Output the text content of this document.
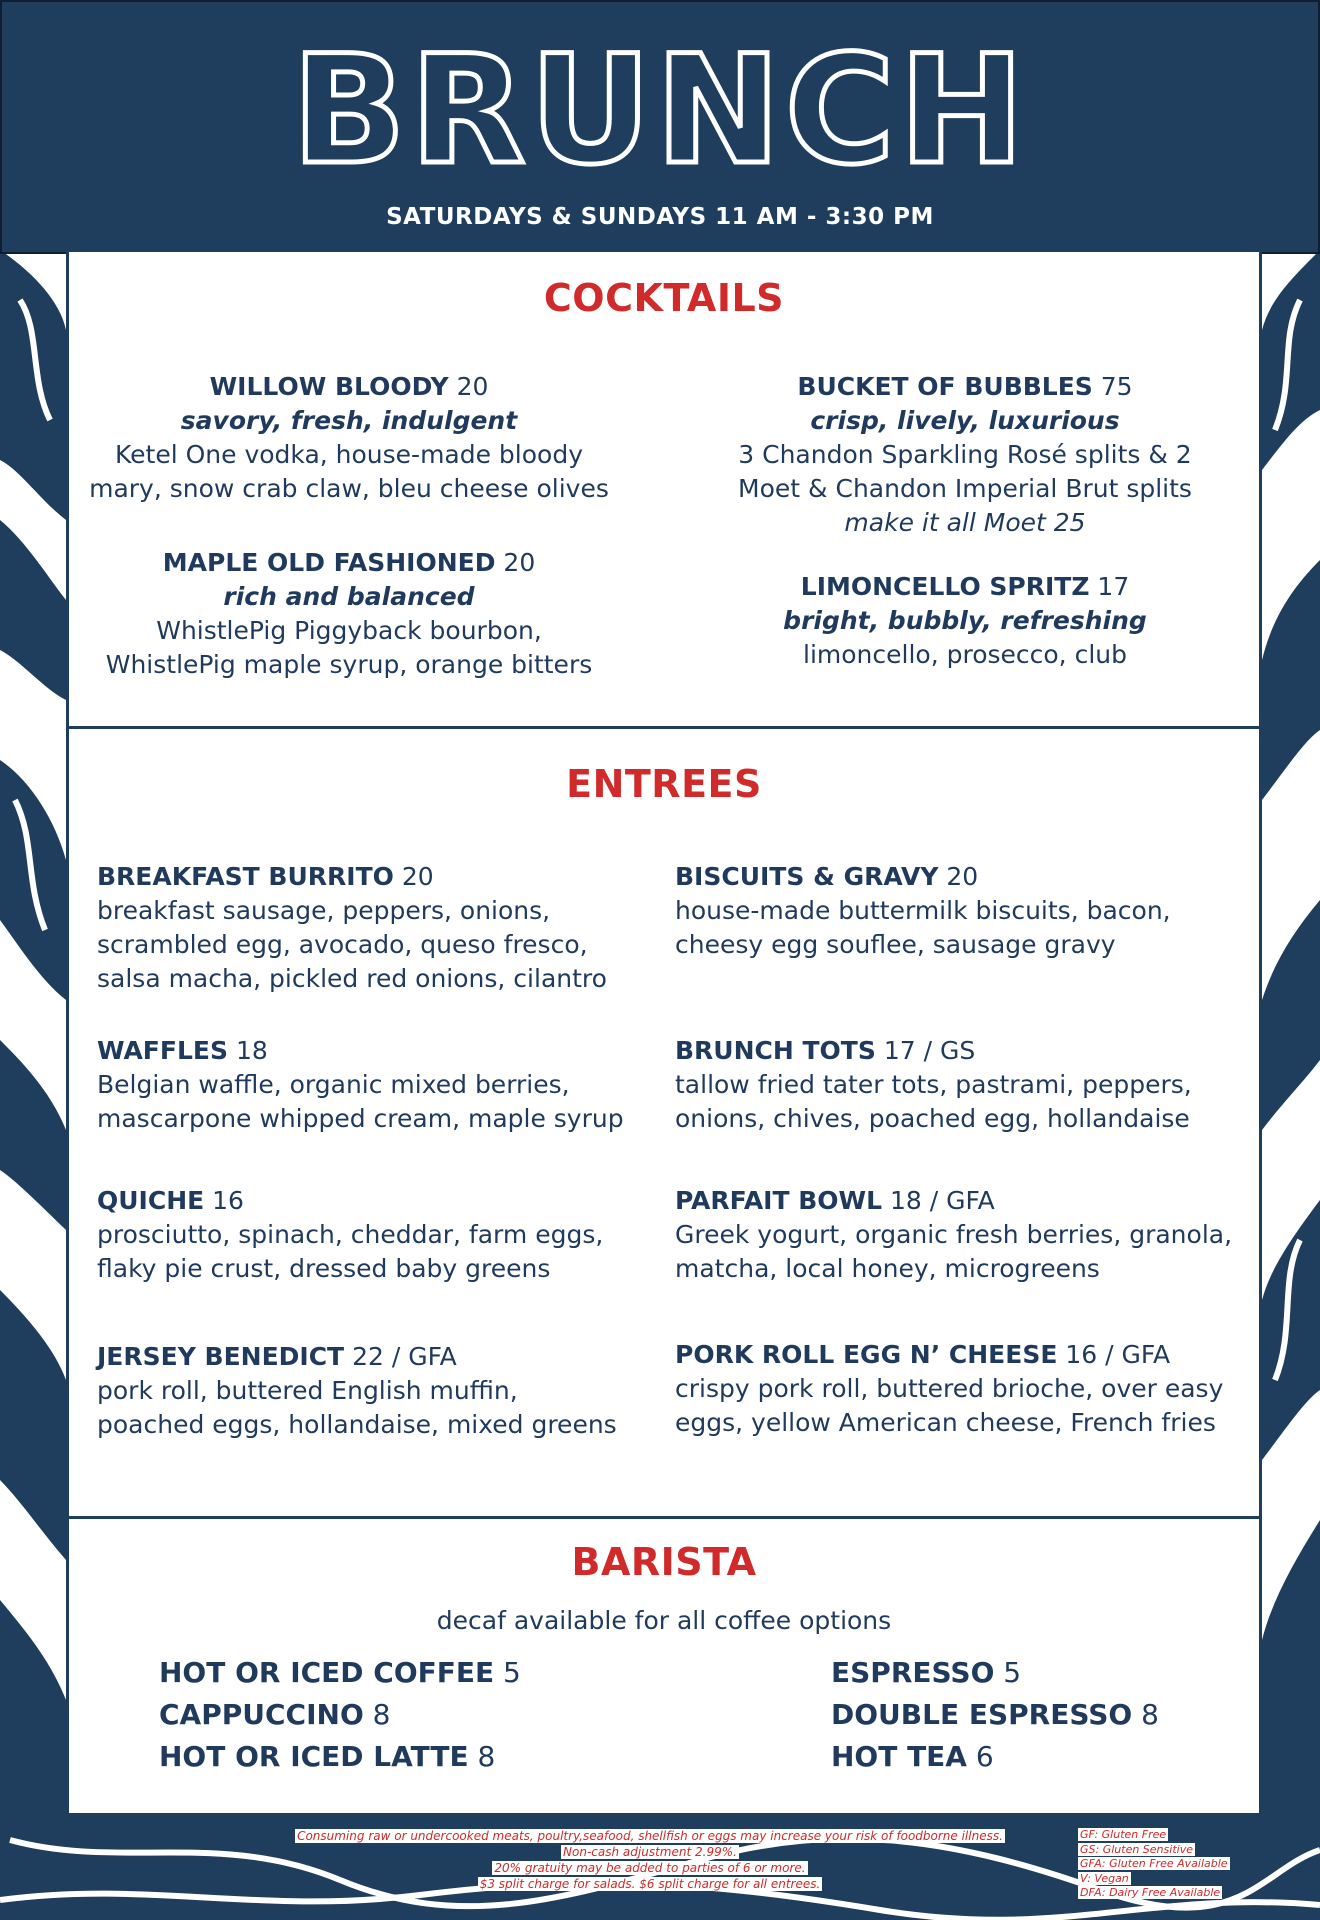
BRUNCH
SATURDAYS & SUNDAYS 11 AM - 3:30 PM
COCKTAILS
WILLOW BLOODY 20
savory, fresh, indulgent
Ketel One vodka, house-made bloody mary, snow crab claw, bleu cheese olives
MAPLE OLD FASHIONED 20
rich and balanced
WhistlePig Piggyback bourbon, WhistlePig maple syrup, orange bitters
BUCKET OF BUBBLES 75
crisp, lively, luxurious
3 Chandon Sparkling Rosé splits & 2 Moet & Chandon Imperial Brut splits
make it all Moet 25
LIMONCELLO SPRITZ 17
bright, bubbly, refreshing
limoncello, prosecco, club
ENTREES
BREAKFAST BURRITO 20
breakfast sausage, peppers, onions, scrambled egg, avocado, queso fresco, salsa macha, pickled red onions, cilantro
WAFFLES 18
Belgian waffle, organic mixed berries, mascarpone whipped cream, maple syrup
QUICHE 16
prosciutto, spinach, cheddar, farm eggs, flaky pie crust, dressed baby greens
JERSEY BENEDICT 22 / GFA
pork roll, buttered English muffin, poached eggs, hollandaise, mixed greens
BISCUITS & GRAVY 20
house-made buttermilk biscuits, bacon, cheesy egg souflee, sausage gravy
BRUNCH TOTS 17 / GS
tallow fried tater tots, pastrami, peppers, onions, chives, poached egg, hollandaise
PARFAIT BOWL 18 / GFA
Greek yogurt, organic fresh berries, granola, matcha, local honey, microgreens
PORK ROLL EGG N’ CHEESE 16 / GFA
crispy pork roll, buttered brioche, over easy eggs, yellow American cheese, French fries
BARISTA
decaf available for all coffee options
HOT OR ICED COFFEE 5
CAPPUCCINO 8
HOT OR ICED LATTE 8
ESPRESSO 5
DOUBLE ESPRESSO 8
HOT TEA 6
Consuming raw or undercooked meats, poultry,seafood, shellfish or eggs may increase your risk of foodborne illness.
Non-cash adjustment 2.99%.
20% gratuity may be added to parties of 6 or more.
$3 split charge for salads. $6 split charge for all entrees.
GF: Gluten Free
GS: Gluten Sensitive
GFA: Gluten Free Available
V: Vegan
DFA: Dairy Free Available
